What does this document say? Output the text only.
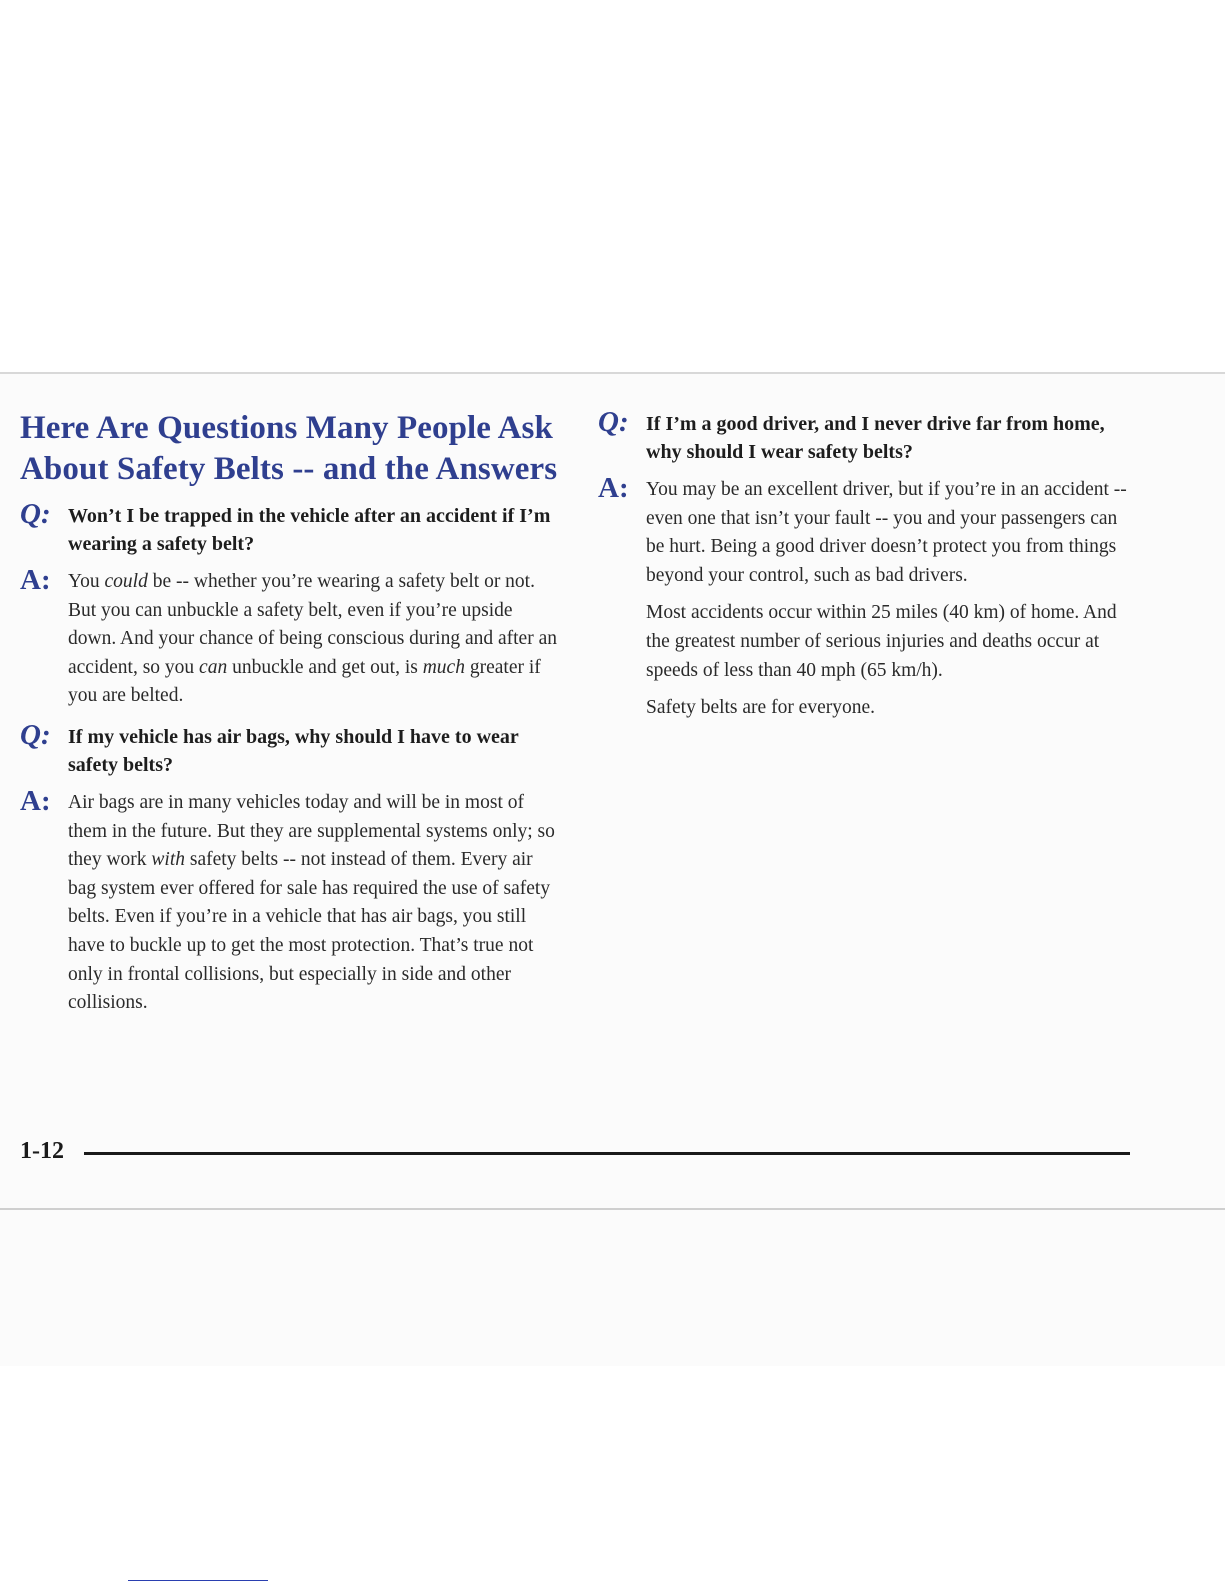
Here Are Questions Many People Ask
About Safety Belts -- and the Answers
Q: Won’t I be trapped in the vehicle after an accident if I’m wearing a safety belt?

A: You could be -- whether you’re wearing a safety belt or not. But you can unbuckle a safety belt, even if you’re upside down. And your chance of being conscious during and after an accident, so you can unbuckle and get out, is much greater if you are belted.

Q: If my vehicle has air bags, why should I have to wear safety belts?

A: Air bags are in many vehicles today and will be in most of them in the future. But they are supplemental systems only; so they work with safety belts -- not instead of them. Every air bag system ever offered for sale has required the use of safety belts. Even if you’re in a vehicle that has air bags, you still have to buckle up to get the most protection. That’s true not only in frontal collisions, but especially in side and other collisions.

Q: If I’m a good driver, and I never drive far from home, why should I wear safety belts?

A: You may be an excellent driver, but if you’re in an accident -- even one that isn’t your fault -- you and your passengers can be hurt. Being a good driver doesn’t protect you from things beyond your control, such as bad drivers.

Most accidents occur within 25 miles (40 km) of home. And the greatest number of serious injuries and deaths occur at speeds of less than 40 mph (65 km/h).

Safety belts are for everyone.

1-12
